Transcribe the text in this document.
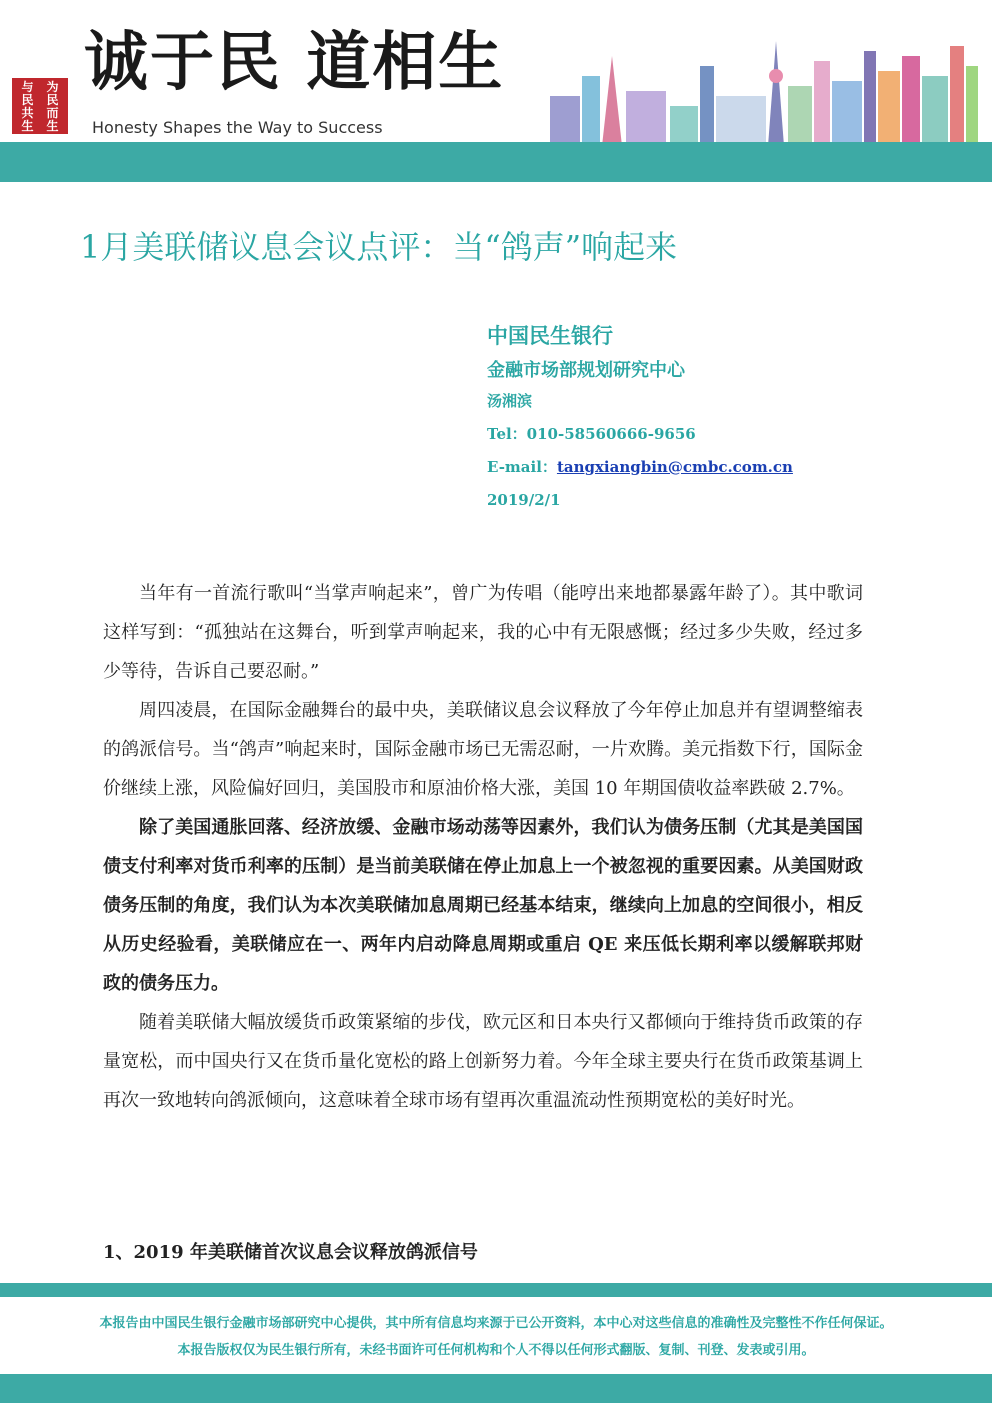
与	为
民	民
共	而
生	生
诚于民 道相生
Honesty Shapes the Way to Success
1月美联储议息会议点评：当“鸽声”响起来
中国民生银行
金融市场部规划研究中心
汤湘滨
Tel：010-58560666-9656
E-mail：tangxiangbin@cmbc.com.cn
2019/2/1

当年有一首流行歌叫“当掌声响起来”，曾广为传唱（能哼出来地都暴露年龄了）。其中歌词这样写到：“孤独站在这舞台，听到掌声响起来，我的心中有无限感慨；经过多少失败，经过多少等待，告诉自己要忍耐。”

周四凌晨，在国际金融舞台的最中央，美联储议息会议释放了今年停止加息并有望调整缩表的鸽派信号。当“鸽声”响起来时，国际金融市场已无需忍耐，一片欢腾。美元指数下行，国际金价继续上涨，风险偏好回归，美国股市和原油价格大涨，美国 10 年期国债收益率跌破 2.7%。

除了美国通胀回落、经济放缓、金融市场动荡等因素外，我们认为债务压制（尤其是美国国债支付利率对货币利率的压制）是当前美联储在停止加息上一个被忽视的重要因素。从美国财政债务压制的角度，我们认为本次美联储加息周期已经基本结束，继续向上加息的空间很小，相反从历史经验看，美联储应在一、两年内启动降息周期或重启 QE 来压低长期利率以缓解联邦财政的债务压力。

随着美联储大幅放缓货币政策紧缩的步伐，欧元区和日本央行又都倾向于维持货币政策的存量宽松，而中国央行又在货币量化宽松的路上创新努力着。今年全球主要央行在货币政策基调上再次一致地转向鸽派倾向，这意味着全球市场有望再次重温流动性预期宽松的美好时光。

1、2019 年美联储首次议息会议释放鸽派信号
本报告由中国民生银行金融市场部研究中心提供，其中所有信息均来源于已公开资料，本中心对这些信息的准确性及完整性不作任何保证。
本报告版权仅为民生银行所有，未经书面许可任何机构和个人不得以任何形式翻版、复制、刊登、发表或引用。
